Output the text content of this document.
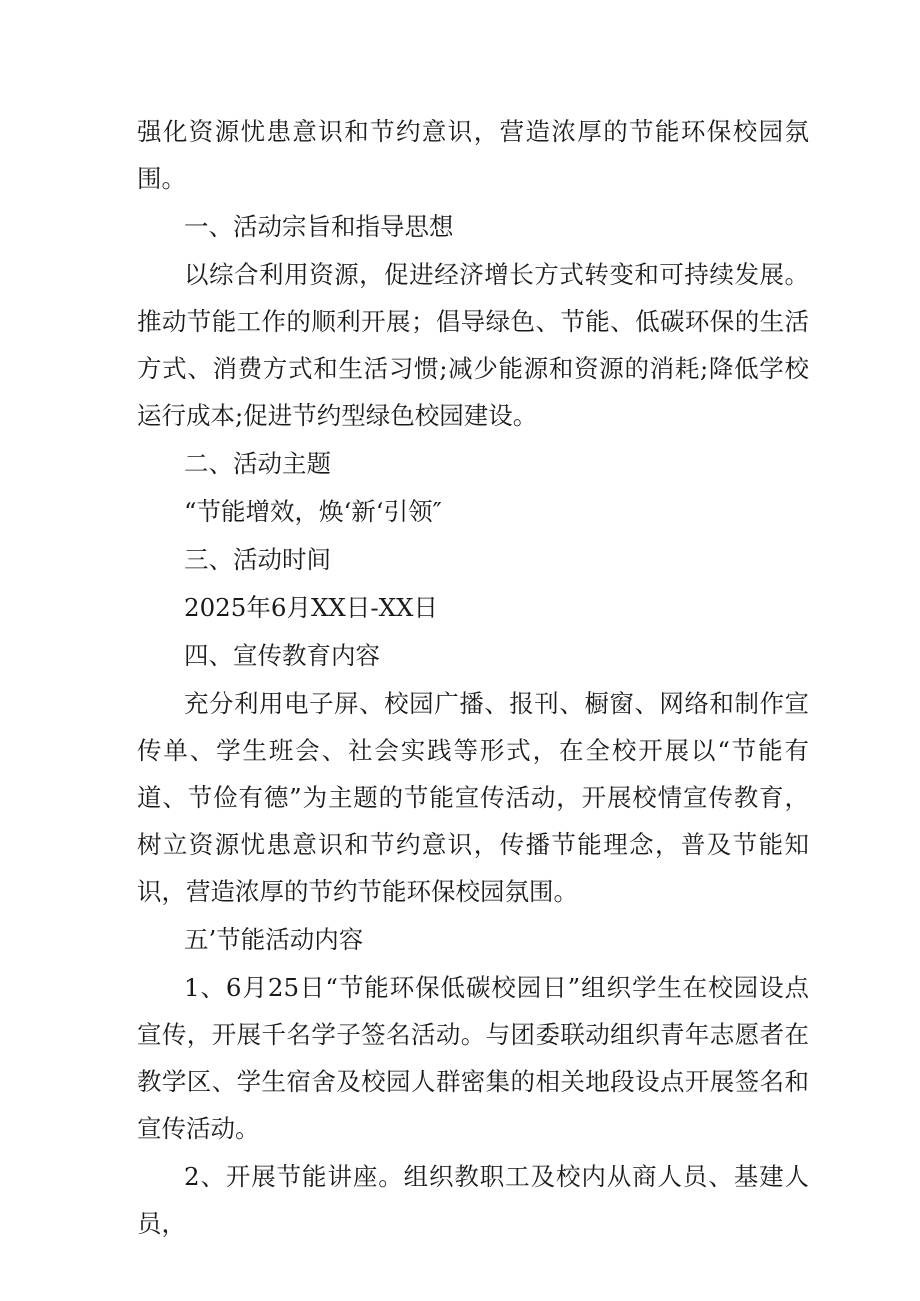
强化资源忧患意识和节约意识，营造浓厚的节能环保校园氛围。

一、活动宗旨和指导思想

以综合利用资源，促进经济增长方式转变和可持续发展。推动节能工作的顺利开展；倡导绿色、节能、低碳环保的生活方式、消费方式和生活习惯;减少能源和资源的消耗;降低学校运行成本;促进节约型绿色校园建设。

二、活动主题

“节能增效，焕‘新‘引领″

三、活动时间

2025年6月XX日-XX日

四、宣传教育内容

充分利用电子屏、校园广播、报刊、橱窗、网络和制作宣传单、学生班会、社会实践等形式，在全校开展以“节能有道、节俭有德”为主题的节能宣传活动，开展校情宣传教育，树立资源忧患意识和节约意识，传播节能理念，普及节能知识，营造浓厚的节约节能环保校园氛围。

五’节能活动内容

1、6月25日“节能环保低碳校园日”组织学生在校园设点宣传，开展千名学子签名活动。与团委联动组织青年志愿者在教学区、学生宿舍及校园人群密集的相关地段设点开展签名和宣传活动。

2、开展节能讲座。组织教职工及校内从商人员、基建人员，
